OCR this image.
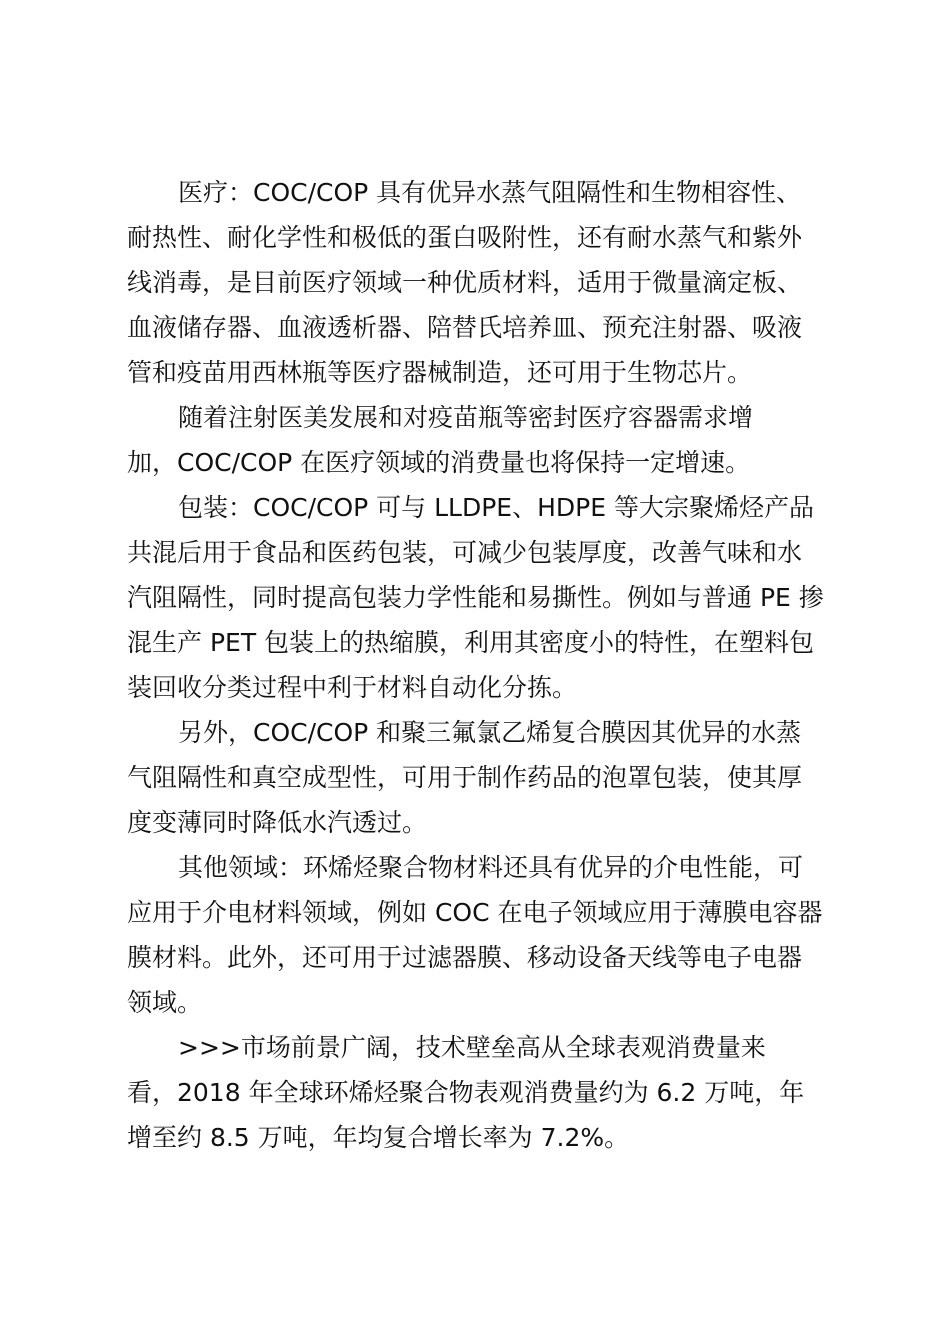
医疗：COC/COP 具有优异水蒸气阻隔性和生物相容性、
耐热性、耐化学性和极低的蛋白吸附性，还有耐水蒸气和紫外
线消毒，是目前医疗领域一种优质材料，适用于微量滴定板、
血液储存器、血液透析器、陪替氏培养皿、预充注射器、吸液
管和疫苗用西林瓶等医疗器械制造，还可用于生物芯片。

随着注射医美发展和对疫苗瓶等密封医疗容器需求增
加，COC/COP 在医疗领域的消费量也将保持一定增速。

包装：COC/COP 可与 LLDPE、HDPE 等大宗聚烯烃产品
共混后用于食品和医药包装，可减少包装厚度，改善气味和水
汽阻隔性，同时提高包装力学性能和易撕性。例如与普通 PE 掺
混生产 PET 包装上的热缩膜，利用其密度小的特性，在塑料包
装回收分类过程中利于材料自动化分拣。

另外，COC/COP 和聚三氟氯乙烯复合膜因其优异的水蒸
气阻隔性和真空成型性，可用于制作药品的泡罩包装，使其厚
度变薄同时降低水汽透过。

其他领域：环烯烃聚合物材料还具有优异的介电性能，可
应用于介电材料领域，例如 COC 在电子领域应用于薄膜电容器
膜材料。此外，还可用于过滤器膜、移动设备天线等电子电器
领域。

>>>市场前景广阔，技术壁垒高从全球表观消费量来
看，2018 年全球环烯烃聚合物表观消费量约为 6.2 万吨，年
增至约 8.5 万吨，年均复合增长率为 7.2%。
